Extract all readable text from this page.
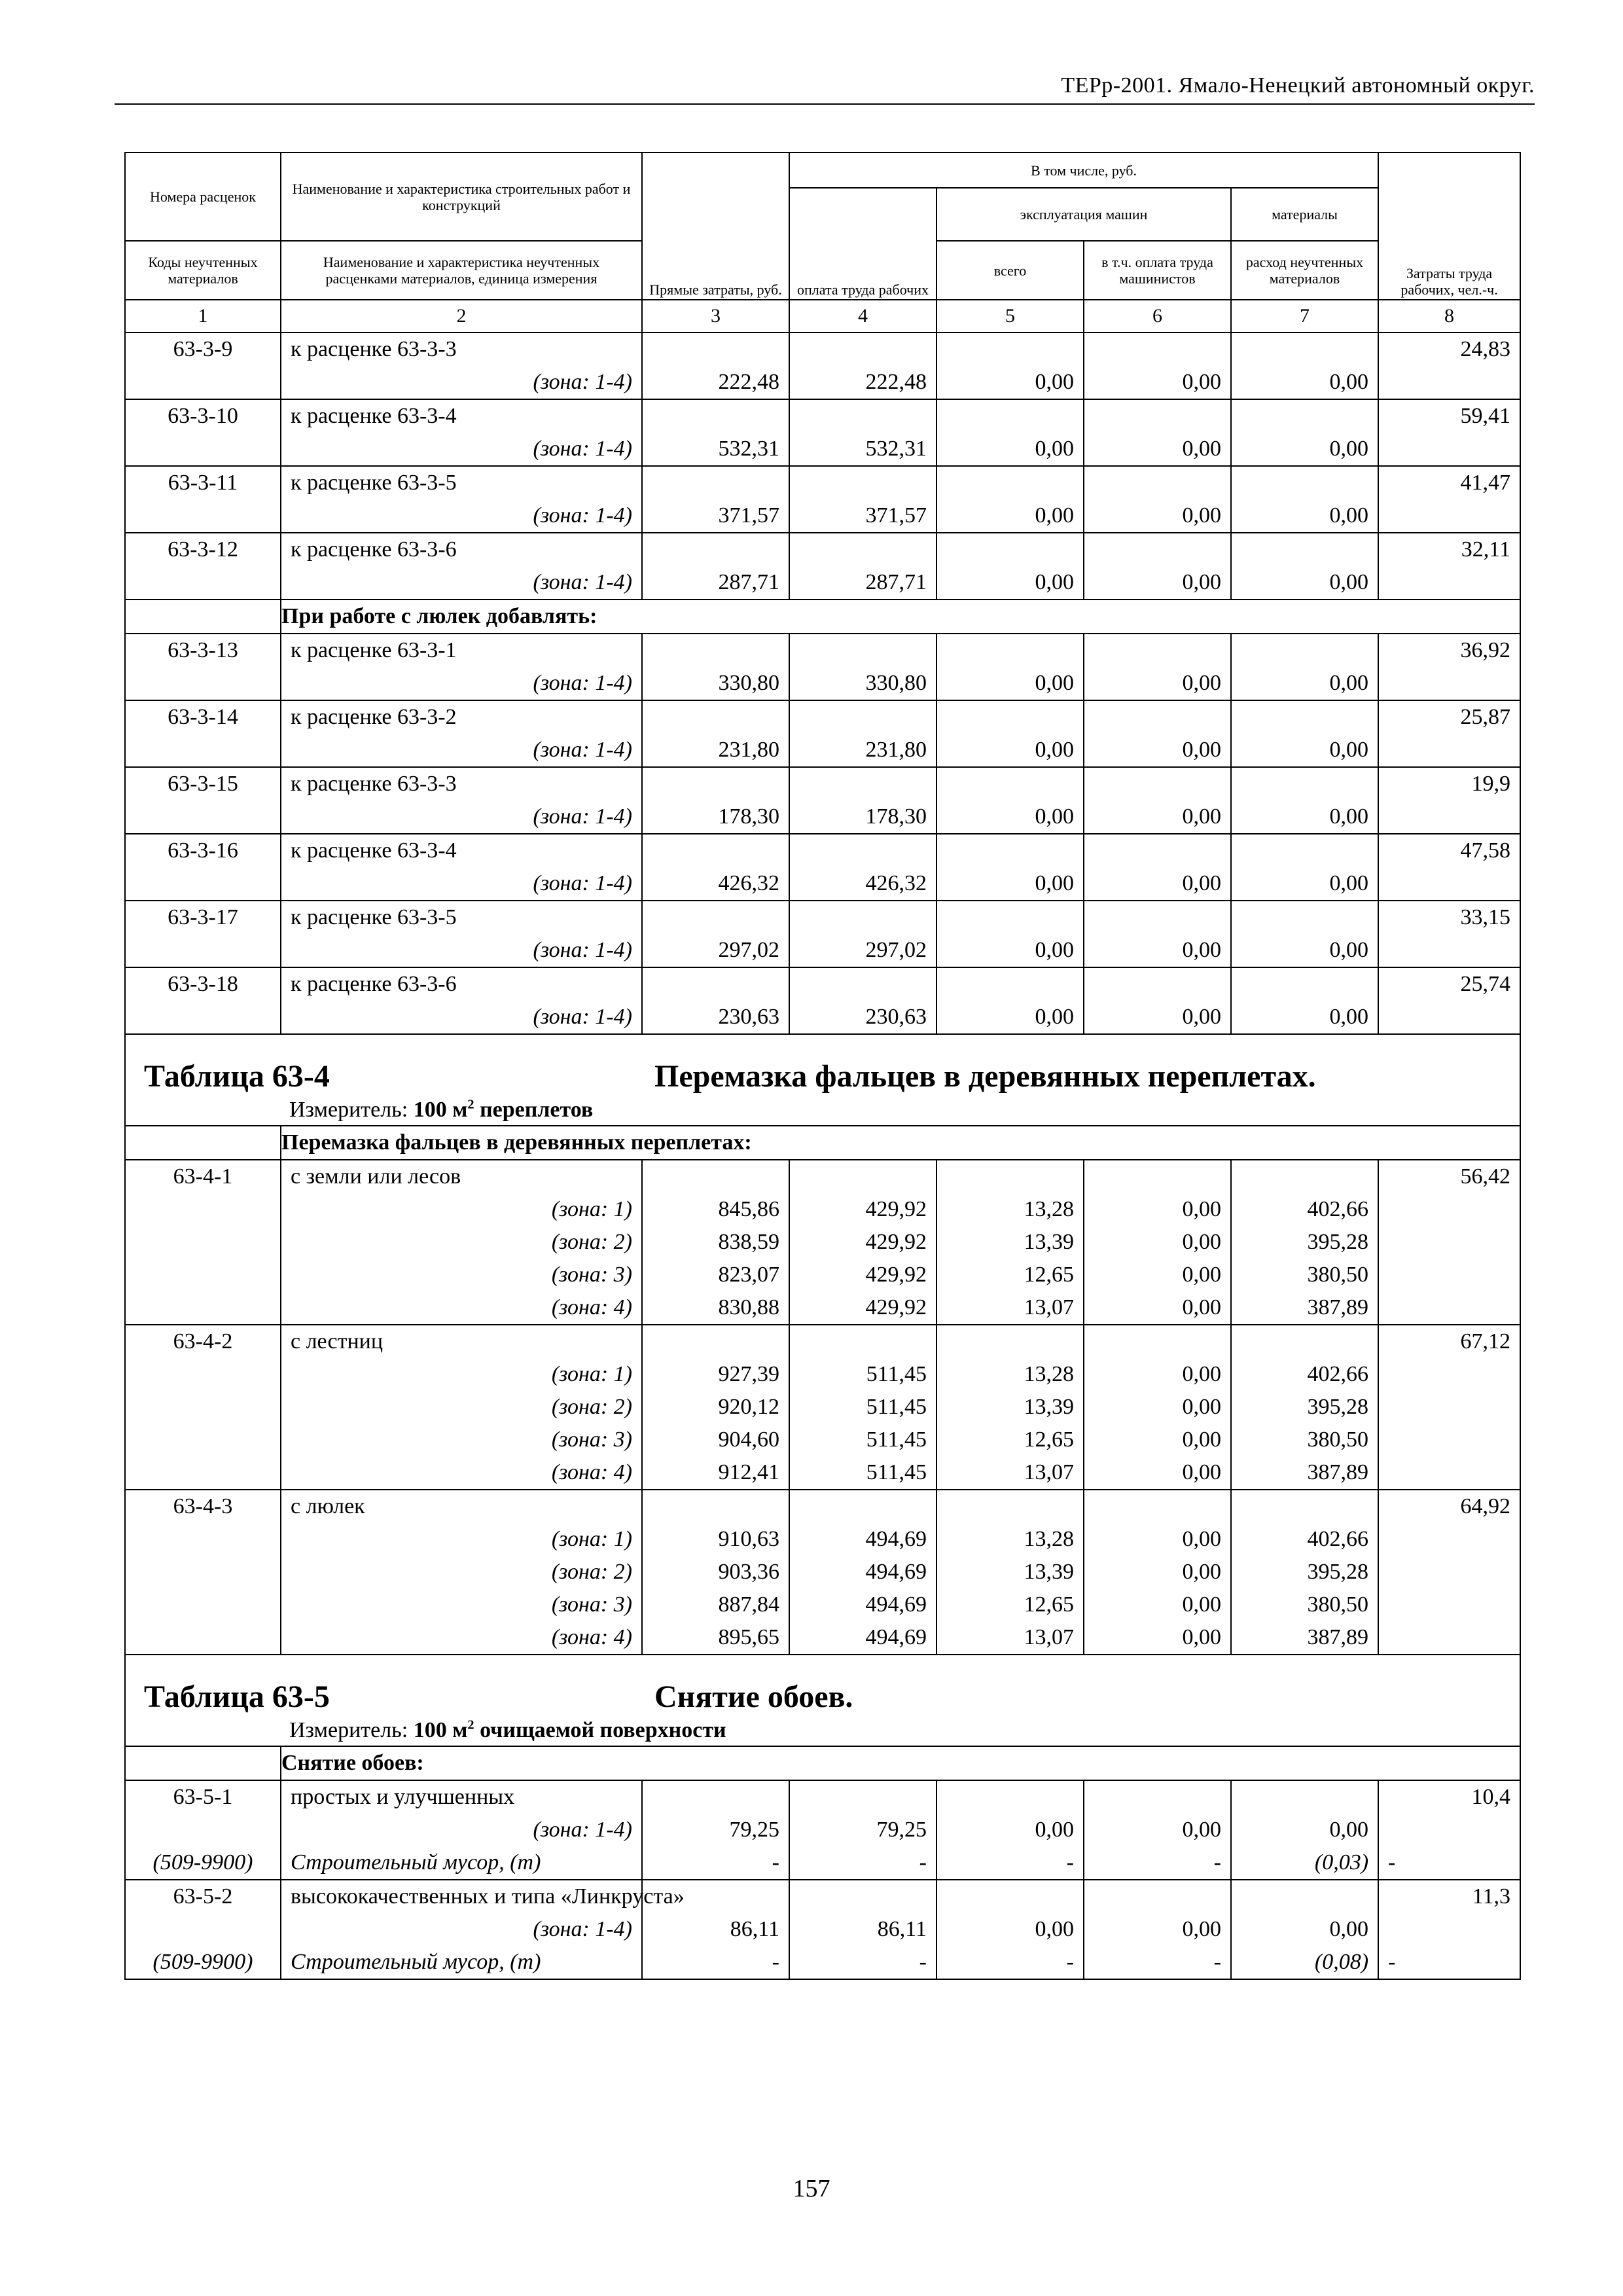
ТЕРр-2001. Ямало-Ненецкий автономный округ.
Номера расценок	Наименование и характеристика строительных работ и конструкций	Прямые затраты, руб.	В том числе, руб.				Затраты труда рабочих, чел.-ч.
			оплата труда рабочих	эксплуатация машин		материалы	
Коды неучтенных материалов	Наименование и характеристика неучтенных расценками материалов, единица измерения			всего	в т.ч. оплата труда машинистов	расход неучтенных материалов	
1	2	3	4	5	6	7	8
63-3-9	к расценке 63-3-3						24,83
	(зона: 1-4)	222,48	222,48	0,00	0,00	0,00	
63-3-10	к расценке 63-3-4						59,41
	(зона: 1-4)	532,31	532,31	0,00	0,00	0,00	
63-3-11	к расценке 63-3-5						41,47
	(зона: 1-4)	371,57	371,57	0,00	0,00	0,00	
63-3-12	к расценке 63-3-6						32,11
	(зона: 1-4)	287,71	287,71	0,00	0,00	0,00	
	При работе с люлек добавлять:						
63-3-13	к расценке 63-3-1						36,92
	(зона: 1-4)	330,80	330,80	0,00	0,00	0,00	
63-3-14	к расценке 63-3-2						25,87
	(зона: 1-4)	231,80	231,80	0,00	0,00	0,00	
63-3-15	к расценке 63-3-3						19,9
	(зона: 1-4)	178,30	178,30	0,00	0,00	0,00	
63-3-16	к расценке 63-3-4						47,58
	(зона: 1-4)	426,32	426,32	0,00	0,00	0,00	
63-3-17	к расценке 63-3-5						33,15
	(зона: 1-4)	297,02	297,02	0,00	0,00	0,00	
63-3-18	к расценке 63-3-6						25,74
	(зона: 1-4)	230,63	230,63	0,00	0,00	0,00	
Таблица 63-4 Перемазка фальцев в деревянных переплетах.							
Измеритель: 100 $м^2$ переплетов							
	Перемазка фальцев в деревянных переплетах:						
63-4-1	с земли или лесов						56,42
	(зона: 1)	845,86	429,92	13,28	0,00	402,66	
	(зона: 2)	838,59	429,92	13,39	0,00	395,28	
	(зона: 3)	823,07	429,92	12,65	0,00	380,50	
	(зона: 4)	830,88	429,92	13,07	0,00	387,89	
63-4-2	с лестниц						67,12
	(зона: 1)	927,39	511,45	13,28	0,00	402,66	
	(зона: 2)	920,12	511,45	13,39	0,00	395,28	
	(зона: 3)	904,60	511,45	12,65	0,00	380,50	
	(зона: 4)	912,41	511,45	13,07	0,00	387,89	
63-4-3	с люлек						64,92
	(зона: 1)	910,63	494,69	13,28	0,00	402,66	
	(зона: 2)	903,36	494,69	13,39	0,00	395,28	
	(зона: 3)	887,84	494,69	12,65	0,00	380,50	
	(зона: 4)	895,65	494,69	13,07	0,00	387,89	
Таблица 63-5 Снятие обоев.							
Измеритель: 100 $м^2$ очищаемой поверхности							
	Снятие обоев:						
63-5-1	простых и улучшенных						10,4
	(зона: 1-4)	79,25	79,25	0,00	0,00	0,00	
(509-9900)	Строительный мусор, (т)	-	-	-	-	(0,03)	-
63-5-2	высококачественных и типа «Линкруста»						11,3
	(зона: 1-4)	86,11	86,11	0,00	0,00	0,00	
(509-9900)	Строительный мусор, (т)	-	-	-	-	(0,08)	-
157
